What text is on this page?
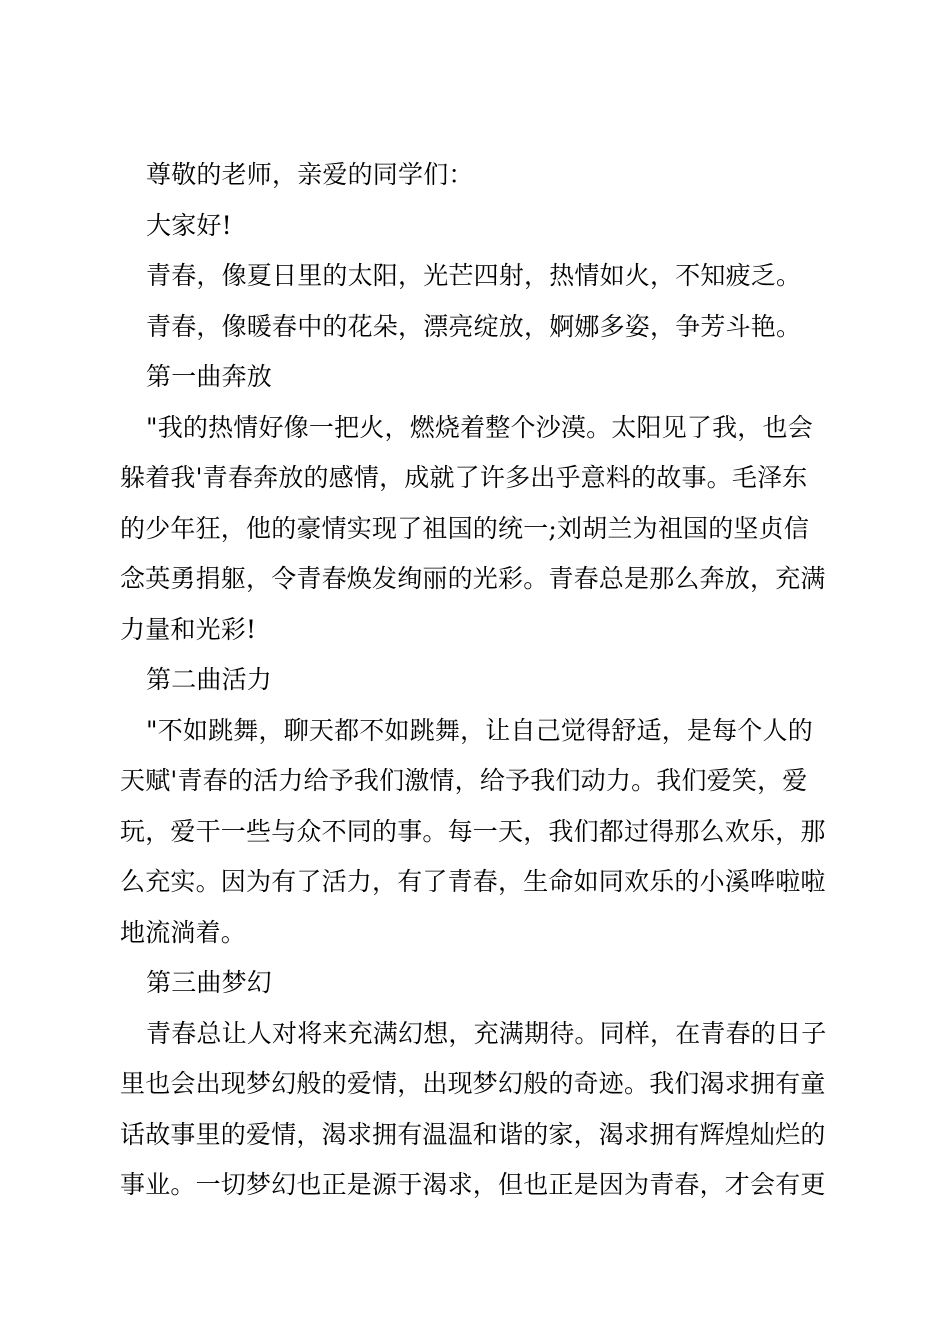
尊敬的老师，亲爱的同学们：

大家好!

青春，像夏日里的太阳，光芒四射，热情如火，不知疲乏。

青春，像暖春中的花朵，漂亮绽放，婀娜多姿，争芳斗艳。

第一曲奔放

"我的热情好像一把火，燃烧着整个沙漠。太阳见了我，也会

躲着我'青春奔放的感情，成就了许多出乎意料的故事。毛泽东

的少年狂，他的豪情实现了祖国的统一;刘胡兰为祖国的坚贞信

念英勇捐躯，令青春焕发绚丽的光彩。青春总是那么奔放，充满

力量和光彩!

第二曲活力

"不如跳舞，聊天都不如跳舞，让自己觉得舒适，是每个人的

天赋'青春的活力给予我们激情，给予我们动力。我们爱笑，爱

玩，爱干一些与众不同的事。每一天，我们都过得那么欢乐，那

么充实。因为有了活力，有了青春，生命如同欢乐的小溪哗啦啦

地流淌着。

第三曲梦幻

青春总让人对将来充满幻想，充满期待。同样，在青春的日子

里也会出现梦幻般的爱情，出现梦幻般的奇迹。我们渴求拥有童

话故事里的爱情，渴求拥有温温和谐的家，渴求拥有辉煌灿烂的

事业。一切梦幻也正是源于渴求，但也正是因为青春，才会有更
